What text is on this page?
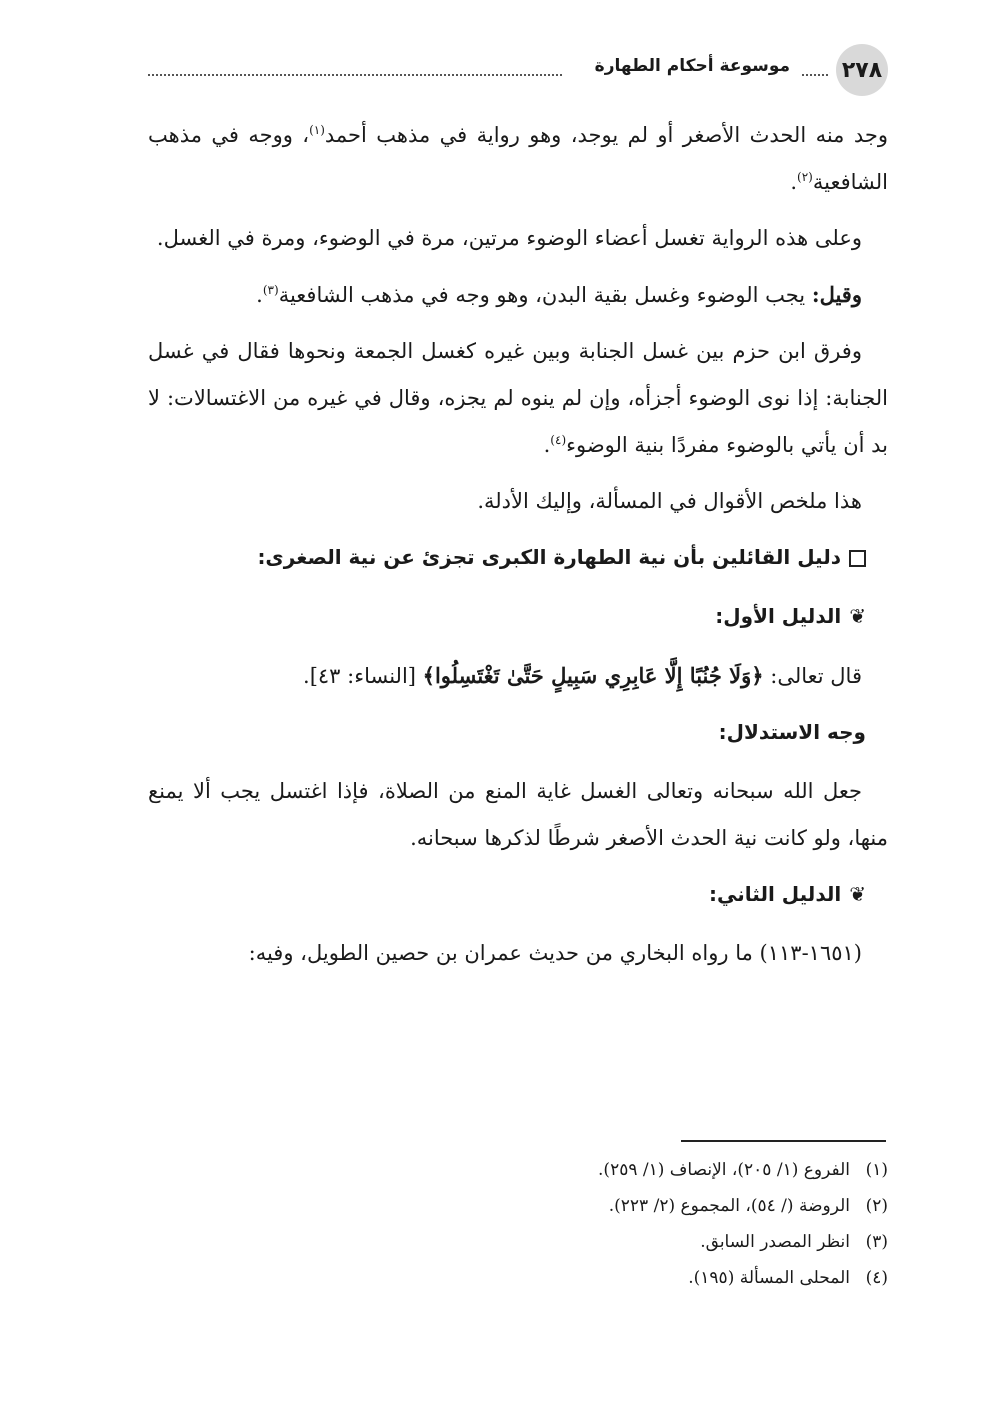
٢٧٨
موسوعة أحكام الطهارة

وجد منه الحدث الأصغر أو لم يوجد، وهو رواية في مذهب أحمد$^{(١)}$، ووجه في مذهب الشافعية$^{(٢)}$.

وعلى هذه الرواية تغسل أعضاء الوضوء مرتين، مرة في الوضوء، ومرة في الغسل.

وقيل: يجب الوضوء وغسل بقية البدن، وهو وجه في مذهب الشافعية$^{(٣)}$.

وفرق ابن حزم بين غسل الجنابة وبين غيره كغسل الجمعة ونحوها فقال في غسل الجنابة: إذا نوى الوضوء أجزأه، وإن لم ينوه لم يجزه، وقال في غيره من الاغتسالات: لا بد أن يأتي بالوضوء مفردًا بنية الوضوء$^{(٤)}$.

هذا ملخص الأقوال في المسألة، وإليك الأدلة.

دليل القائلين بأن نية الطهارة الكبرى تجزئ عن نية الصغرى:
❦الدليل الأول:

قال تعالى: ﴿وَلَا جُنُبًا إِلَّا عَابِرِي سَبِيلٍ حَتَّىٰ تَغْتَسِلُوا﴾ [النساء: ٤٣].

وجه الاستدلال:

جعل الله سبحانه وتعالى الغسل غاية المنع من الصلاة، فإذا اغتسل يجب ألا يمنع منها، ولو كانت نية الحدث الأصغر شرطًا لذكرها سبحانه.

❦الدليل الثاني:

(١٦٥١-١١٣) ما رواه البخاري من حديث عمران بن حصين الطويل، وفيه:

(١)
الفروع (١/ ٢٠٥)، الإنصاف (١/ ٢٥٩).
(٢)
الروضة (/ ٥٤)، المجموع (٢/ ٢٢٣).
(٣)
انظر المصدر السابق.
(٤)
المحلى المسألة (١٩٥).
